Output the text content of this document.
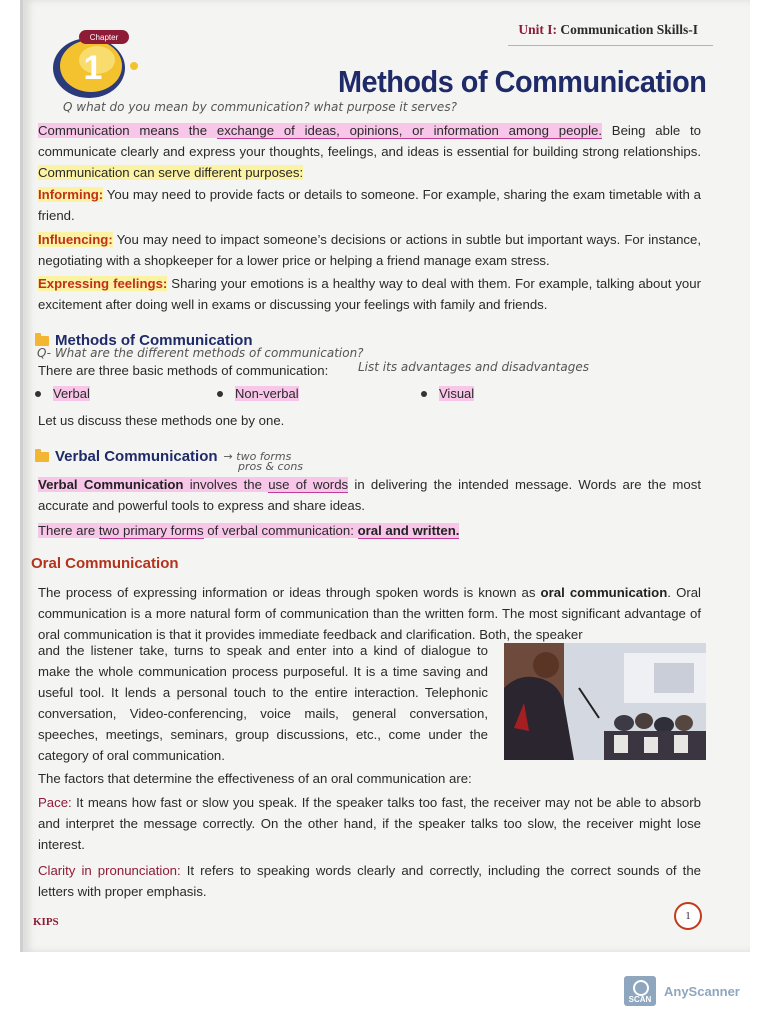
Unit I: Communication Skills-I
Chapter
1	Methods of Communication
Q what do you mean by communication? what purpose it serves?
Communication means the exchange of ideas, opinions, or information among people. Being able to communicate clearly and express your thoughts, feelings, and ideas is essential for building strong relationships. Communication can serve different purposes:
Informing: You may need to provide facts or details to someone. For example, sharing the exam timetable with a friend.
Influencing: You may need to impact someone’s decisions or actions in subtle but important ways. For instance, negotiating with a shopkeeper for a lower price or helping a friend manage exam stress.
Expressing feelings: Sharing your emotions is a healthy way to deal with them. For example, talking about your excitement after doing well in exams or discussing your feelings with family and friends.
Methods of Communication
Q- What are the different methods of communication?
There are three basic methods of communication:	List its advantages and disadvantages
Verbal	Non-verbal	Visual
Let us discuss these methods one by one.
Verbal Communication → two forms
pros & cons
Verbal Communication involves the use of words in delivering the intended message. Words are the most accurate and powerful tools to express and share ideas.
There are two primary forms of verbal communication: oral and written.
Oral Communication
The process of expressing information or ideas through spoken words is known as oral communication. Oral communication is a more natural form of communication than the written form. The most significant advantage of oral communication is that it provides immediate feedback and clarification. Both, the speaker
and the listener take, turns to speak and enter into a kind of dialogue to make the whole communication process purposeful. It is a time saving and useful tool. It lends a personal touch to the entire interaction. Telephonic conversation, Video-conferencing, voice mails, general conversation, speeches, meetings, seminars, group discussions, etc., come under the category of oral communication.
The factors that determine the effectiveness of an oral communication are:
Pace: It means how fast or slow you speak. If the speaker talks too fast, the receiver may not be able to absorb and interpret the message correctly. On the other hand, if the speaker talks too slow, the receiver might lose interest.
Clarity in pronunciation: It refers to speaking words clearly and correctly, including the correct sounds of the letters with proper emphasis.
KIPS	1
SCAN
AnyScanner
